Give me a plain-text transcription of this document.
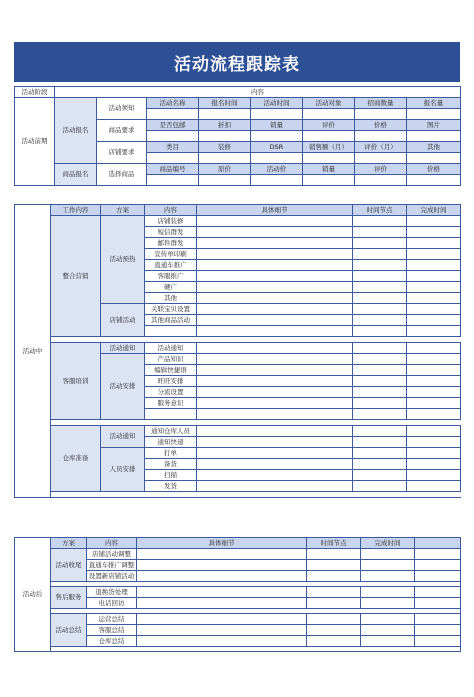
活动流程跟踪表
活动阶段	内容							
活动前期	活动报名	活动须知	活动名称	报名时间	活动时间	活动对象	招商数量	报名量

		商品要求	是否包邮	折扣	销量	评价	价格	图片

		店铺要求	类目	装修	DSR	销售额（月）	评价（月）	其他

	商品报名	选择商品	商品编号	原价	活动价	销量	评价	价格

活动中	工作内容	方案	内容	具体细节	时间节点	完成时间
	整合营销	活动预热	店铺装修			
			短信群发			
			邮件群发			
			宣传单印刷			
			直通车推广			
			客服推广			
			硬广			
			其他			
		店铺活动	关联宝贝设置			
			其他商品活动			

	客服培训	活动通知	活动通知			
		活动安排	产品知识			
			编辑快捷语			
			旺旺安排			
			分流设置			
			服务意识			

	仓库准备	活动通知	通知仓库人员			
			通知快递			
		人员安排	打单			
			备货			
			扫描			
			发货			

活动后	方案	内容	具体细节	时间节点	完成时间	
	活动收尾	店铺活动调整				
		直通车推广调整				
		设置新店铺活动				

	售后服务	退换货处理				
		电话回访				

	活动总结	运营总结				
		客服总结				
		仓库总结				
